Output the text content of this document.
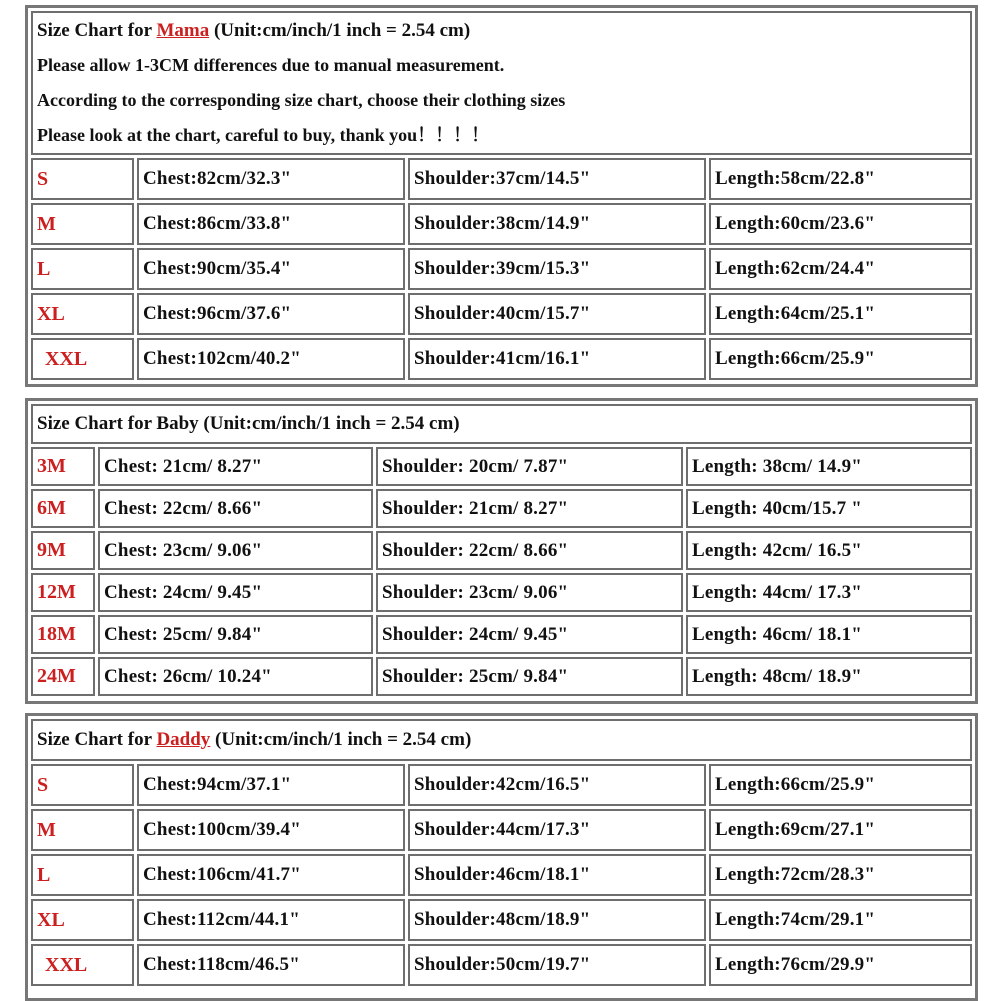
Size Chart for Mama (Unit:cm/inch/1 inch = 2.54 cm)
Please allow 1-3CM differences due to manual measurement.
According to the corresponding size chart, choose their clothing sizes
Please look at the chart, careful to buy, thank you！！！！			

S	Chest:82cm/32.3"	Shoulder:37cm/14.5"	Length:58cm/22.8"
M	Chest:86cm/33.8"	Shoulder:38cm/14.9"	Length:60cm/23.6"
L	Chest:90cm/35.4"	Shoulder:39cm/15.3"	Length:62cm/24.4"
XL	Chest:96cm/37.6"	Shoulder:40cm/15.7"	Length:64cm/25.1"
XXL	Chest:102cm/40.2"	Shoulder:41cm/16.1"	Length:66cm/25.9"
Size Chart for Baby (Unit:cm/inch/1 inch = 2.54 cm)			
3M	Chest: 21cm/ 8.27"	Shoulder: 20cm/ 7.87"	Length: 38cm/ 14.9"
6M	Chest: 22cm/ 8.66"	Shoulder: 21cm/ 8.27"	Length: 40cm/15.7 "
9M	Chest: 23cm/ 9.06"	Shoulder: 22cm/ 8.66"	Length: 42cm/ 16.5"
12M	Chest: 24cm/ 9.45"	Shoulder: 23cm/ 9.06"	Length: 44cm/ 17.3"
18M	Chest: 25cm/ 9.84"	Shoulder: 24cm/ 9.45"	Length: 46cm/ 18.1"
24M	Chest: 26cm/ 10.24"	Shoulder: 25cm/ 9.84"	Length: 48cm/ 18.9"
Size Chart for Daddy (Unit:cm/inch/1 inch = 2.54 cm)			
S	Chest:94cm/37.1"	Shoulder:42cm/16.5"	Length:66cm/25.9"
M	Chest:100cm/39.4"	Shoulder:44cm/17.3"	Length:69cm/27.1"
L	Chest:106cm/41.7"	Shoulder:46cm/18.1"	Length:72cm/28.3"
XL	Chest:112cm/44.1"	Shoulder:48cm/18.9"	Length:74cm/29.1"
XXL	Chest:118cm/46.5"	Shoulder:50cm/19.7"	Length:76cm/29.9"
